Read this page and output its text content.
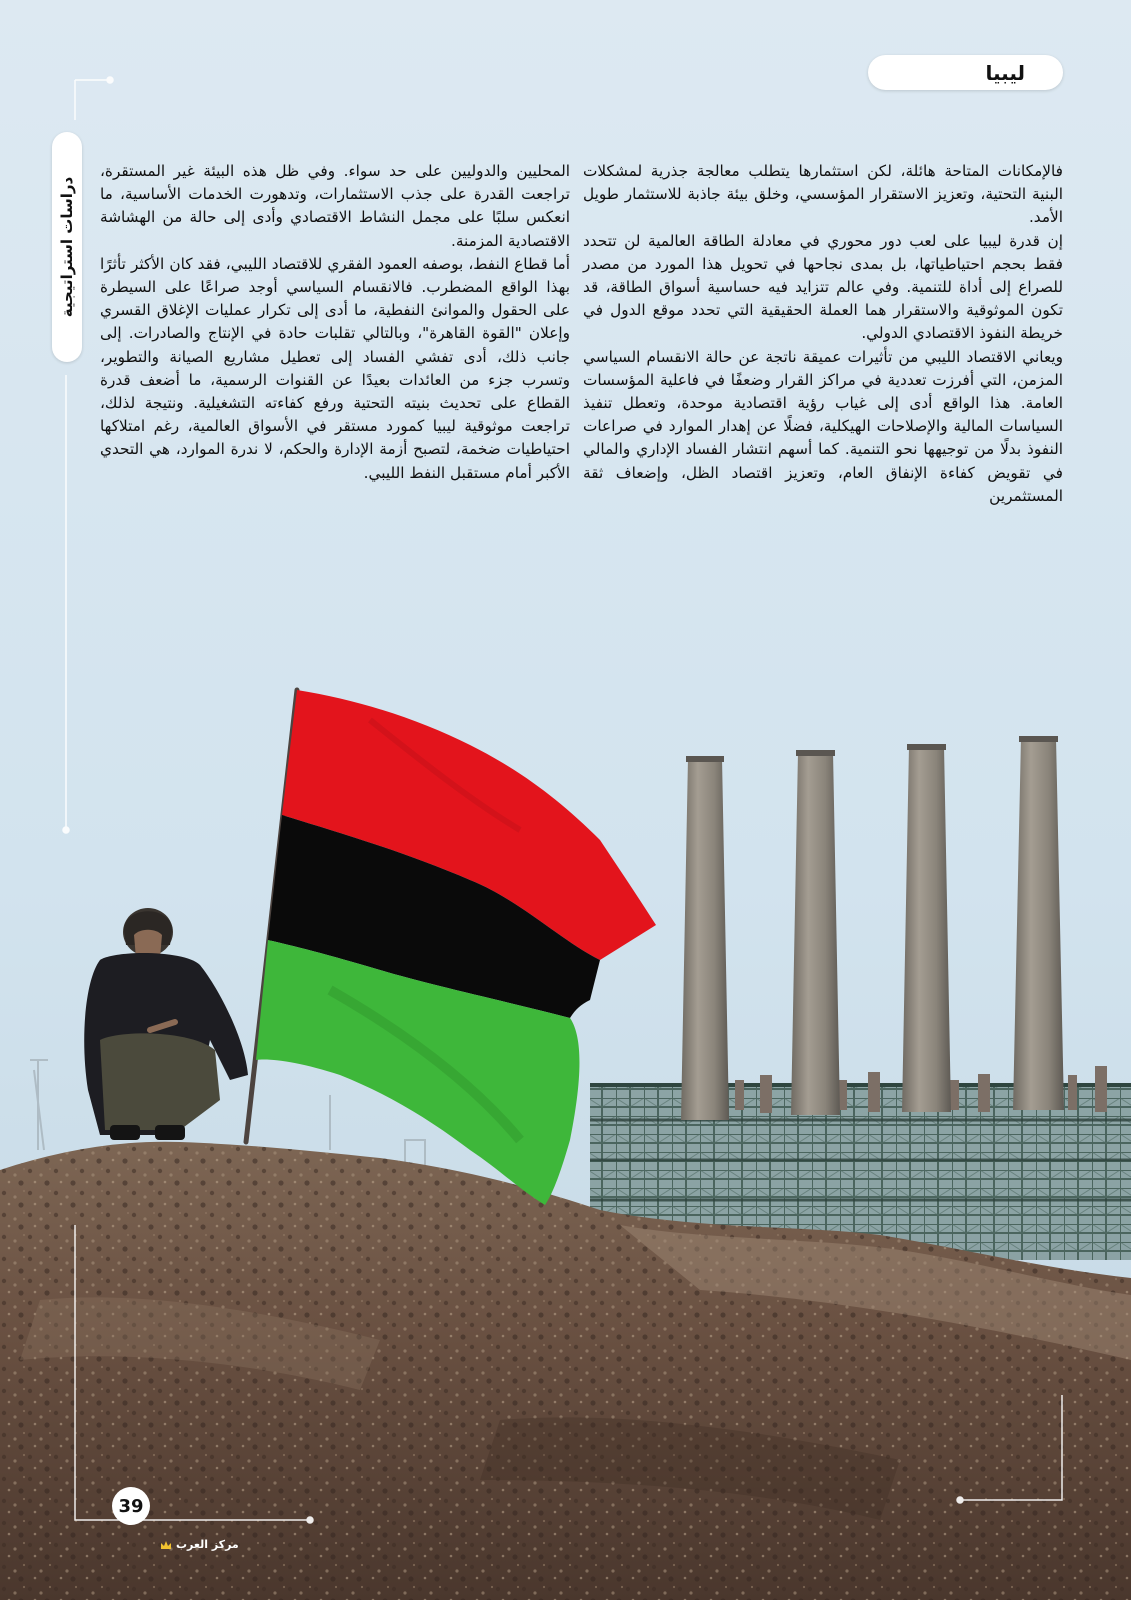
ليبيا
دراسات استراتيجية

فالإمكانات المتاحة هائلة، لكن استثمارها يتطلب معالجة جذرية لمشكلات البنية التحتية، وتعزيز الاستقرار المؤسسي، وخلق بيئة جاذبة للاستثمار طويل الأمد.

إن قدرة ليبيا على لعب دور محوري في معادلة الطاقة العالمية لن تتحدد فقط بحجم احتياطياتها، بل بمدى نجاحها في تحويل هذا المورد من مصدر للصراع إلى أداة للتنمية. وفي عالم تتزايد فيه حساسية أسواق الطاقة، قد تكون الموثوقية والاستقرار هما العملة الحقيقية التي تحدد موقع الدول في خريطة النفوذ الاقتصادي الدولي.

ويعاني الاقتصاد الليبي من تأثيرات عميقة ناتجة عن حالة الانقسام السياسي المزمن، التي أفرزت تعددية في مراكز القرار وضعفًا في فاعلية المؤسسات العامة. هذا الواقع أدى إلى غياب رؤية اقتصادية موحدة، وتعطل تنفيذ السياسات المالية والإصلاحات الهيكلية، فضلًا عن إهدار الموارد في صراعات النفوذ بدلًا من توجيهها نحو التنمية. كما أسهم انتشار الفساد الإداري والمالي في تقويض كفاءة الإنفاق العام، وتعزيز اقتصاد الظل، وإضعاف ثقة المستثمرين

المحليين والدوليين على حد سواء. وفي ظل هذه البيئة غير المستقرة، تراجعت القدرة على جذب الاستثمارات، وتدهورت الخدمات الأساسية، ما انعكس سلبًا على مجمل النشاط الاقتصادي وأدى إلى حالة من الهشاشة الاقتصادية المزمنة.

أما قطاع النفط، بوصفه العمود الفقري للاقتصاد الليبي، فقد كان الأكثر تأثرًا بهذا الواقع المضطرب. فالانقسام السياسي أوجد صراعًا على السيطرة على الحقول والموانئ النفطية، ما أدى إلى تكرار عمليات الإغلاق القسري وإعلان "القوة القاهرة"، وبالتالي تقلبات حادة في الإنتاج والصادرات. إلى جانب ذلك، أدى تفشي الفساد إلى تعطيل مشاريع الصيانة والتطوير، وتسرب جزء من العائدات بعيدًا عن القنوات الرسمية، ما أضعف قدرة القطاع على تحديث بنيته التحتية ورفع كفاءته التشغيلية. ونتيجة لذلك، تراجعت موثوقية ليبيا كمورد مستقر في الأسواق العالمية، رغم امتلاكها احتياطيات ضخمة، لتصبح أزمة الإدارة والحكم، لا ندرة الموارد، هي التحدي الأكبر أمام مستقبل النفط الليبي.

39
مركز العرب
